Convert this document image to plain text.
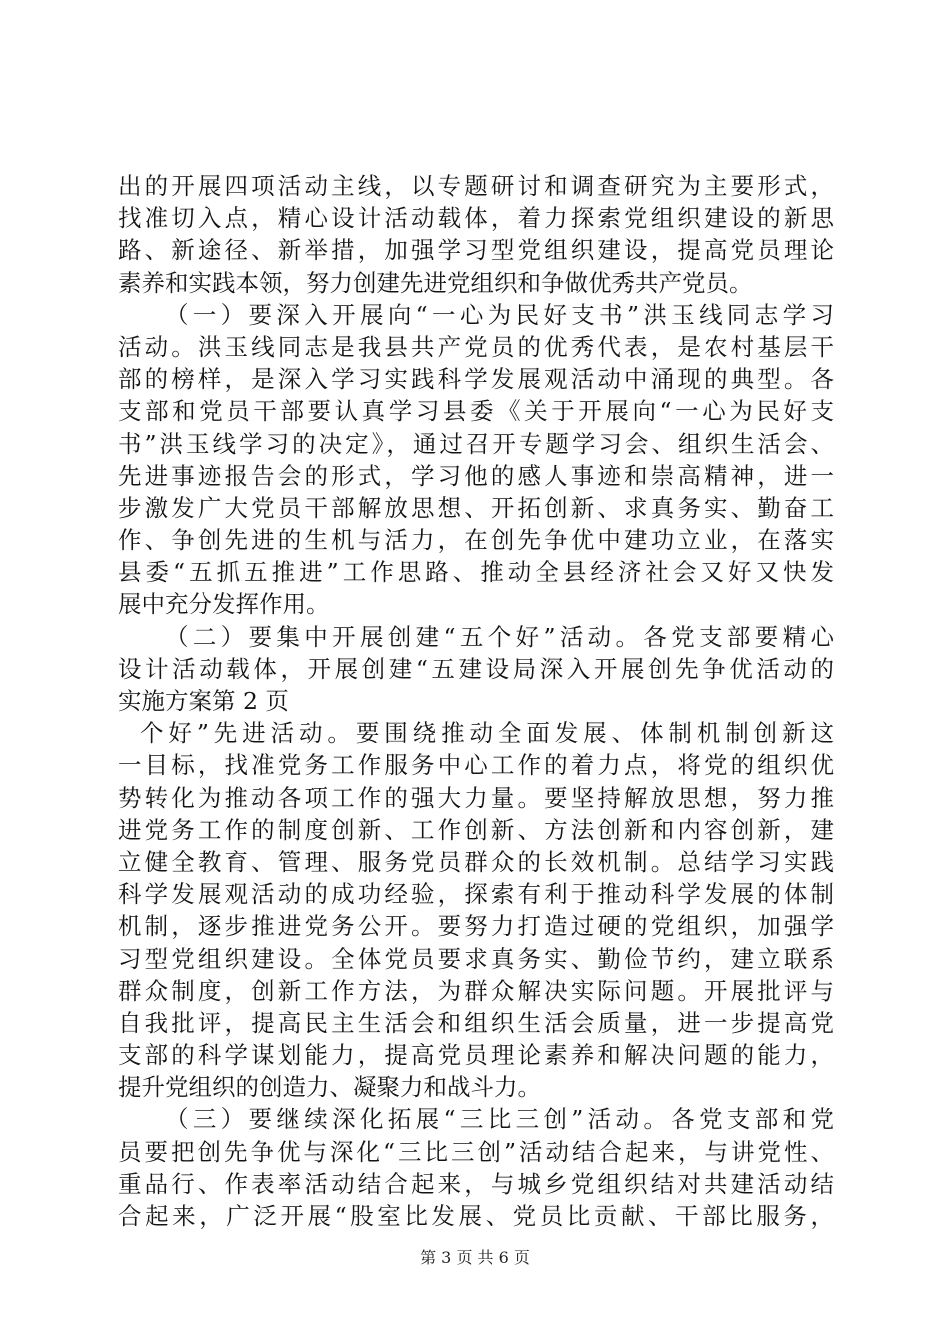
出的开展四项活动主线，以专题研讨和调查研究为主要形式，
找准切入点，精心设计活动载体，着力探索党组织建设的新思
路、新途径、新举措，加强学习型党组织建设，提高党员理论
素养和实践本领，努力创建先进党组织和争做优秀共产党员。
（一）要深入开展向“一心为民好支书”洪玉线同志学习
活动。洪玉线同志是我县共产党员的优秀代表，是农村基层干
部的榜样，是深入学习实践科学发展观活动中涌现的典型。各
支部和党员干部要认真学习县委《关于开展向“一心为民好支
书”洪玉线学习的决定》，通过召开专题学习会、组织生活会、
先进事迹报告会的形式，学习他的感人事迹和崇高精神，进一
步激发广大党员干部解放思想、开拓创新、求真务实、勤奋工
作、争创先进的生机与活力，在创先争优中建功立业，在落实
县委“五抓五推进”工作思路、推动全县经济社会又好又快发
展中充分发挥作用。
（二）要集中开展创建“五个好”活动。各党支部要精心
设计活动载体，开展创建“五建设局深入开展创先争优活动的
实施方案第 2 页
个好”先进活动。要围绕推动全面发展、体制机制创新这
一目标，找准党务工作服务中心工作的着力点，将党的组织优
势转化为推动各项工作的强大力量。要坚持解放思想，努力推
进党务工作的制度创新、工作创新、方法创新和内容创新，建
立健全教育、管理、服务党员群众的长效机制。总结学习实践
科学发展观活动的成功经验，探索有利于推动科学发展的体制
机制，逐步推进党务公开。要努力打造过硬的党组织，加强学
习型党组织建设。全体党员要求真务实、勤俭节约，建立联系
群众制度，创新工作方法，为群众解决实际问题。开展批评与
自我批评，提高民主生活会和组织生活会质量，进一步提高党
支部的科学谋划能力，提高党员理论素养和解决问题的能力，
提升党组织的创造力、凝聚力和战斗力。
（三）要继续深化拓展“三比三创”活动。各党支部和党
员要把创先争优与深化“三比三创”活动结合起来，与讲党性、
重品行、作表率活动结合起来，与城乡党组织结对共建活动结
合起来，广泛开展“股室比发展、党员比贡献、干部比服务，
第 3 页 共 6 页
